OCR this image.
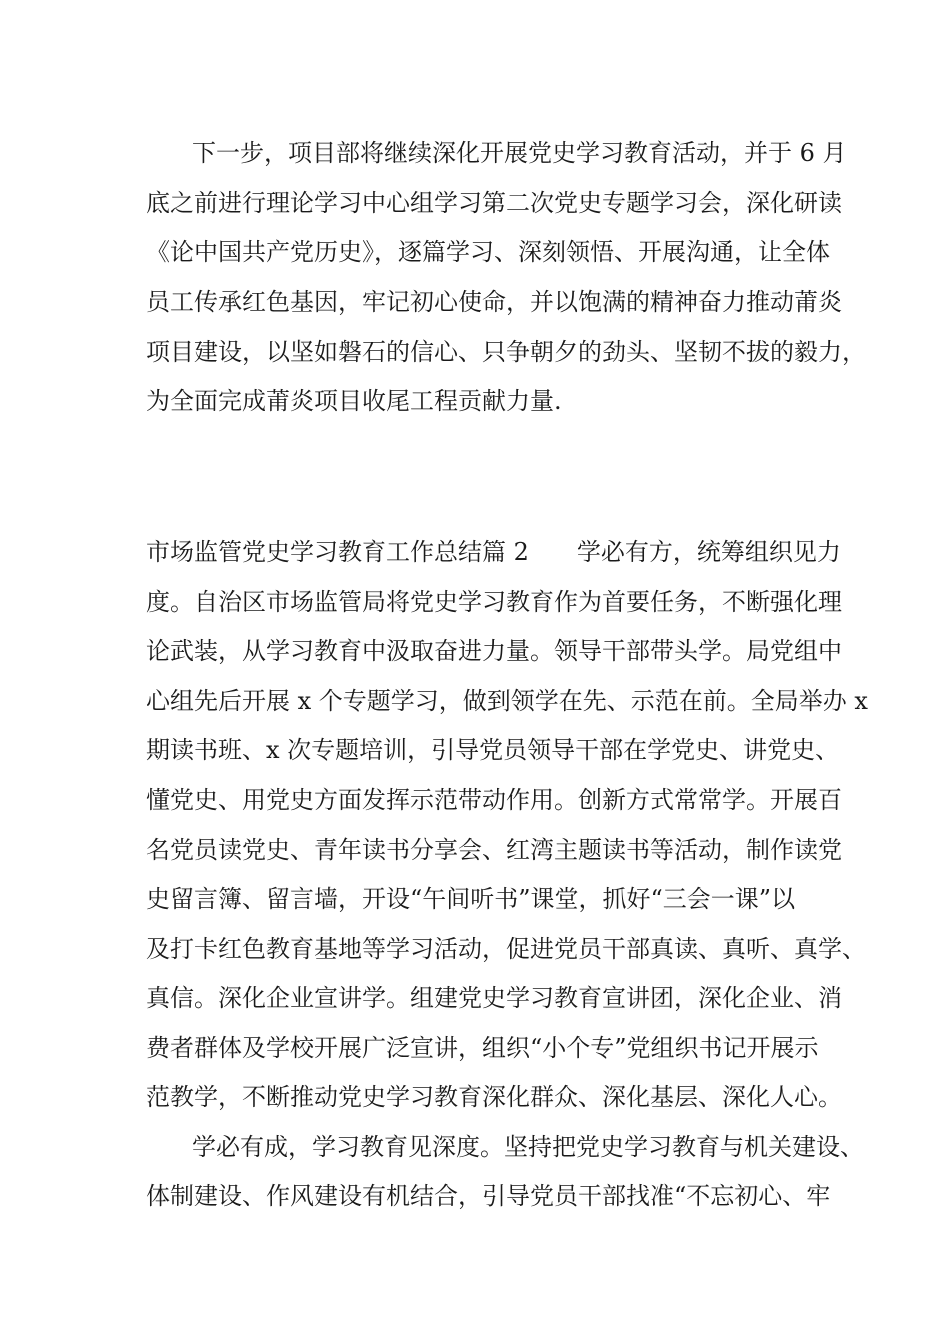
下一步，项目部将继续深化开展党史学习教育活动，并于 6 月

底之前进行理论学习中心组学习第二次党史专题学习会，深化研读

《论中国共产党历史》，逐篇学习、深刻领悟、开展沟通，让全体

员工传承红色基因，牢记初心使命，并以饱满的精神奋力推动莆炎

项目建设，以坚如磐石的信心、只争朝夕的劲头、坚韧不拔的毅力，

为全面完成莆炎项目收尾工程贡献力量.

市场监管党史学习教育工作总结篇 2 学必有方，统筹组织见力

度。自治区市场监管局将党史学习教育作为首要任务，不断强化理

论武装，从学习教育中汲取奋进力量。领导干部带头学。局党组中

心组先后开展 x 个专题学习，做到领学在先、示范在前。全局举办 x

期读书班、x 次专题培训，引导党员领导干部在学党史、讲党史、

懂党史、用党史方面发挥示范带动作用。创新方式常常学。开展百

名党员读党史、青年读书分享会、红湾主题读书等活动，制作读党

史留言簿、留言墙，开设“午间听书”课堂，抓好“三会一课”以

及打卡红色教育基地等学习活动，促进党员干部真读、真听、真学、

真信。深化企业宣讲学。组建党史学习教育宣讲团，深化企业、消

费者群体及学校开展广泛宣讲，组织“小个专”党组织书记开展示

范教学，不断推动党史学习教育深化群众、深化基层、深化人心。

学必有成，学习教育见深度。坚持把党史学习教育与机关建设、

体制建设、作风建设有机结合，引导党员干部找准“不忘初心、牢
